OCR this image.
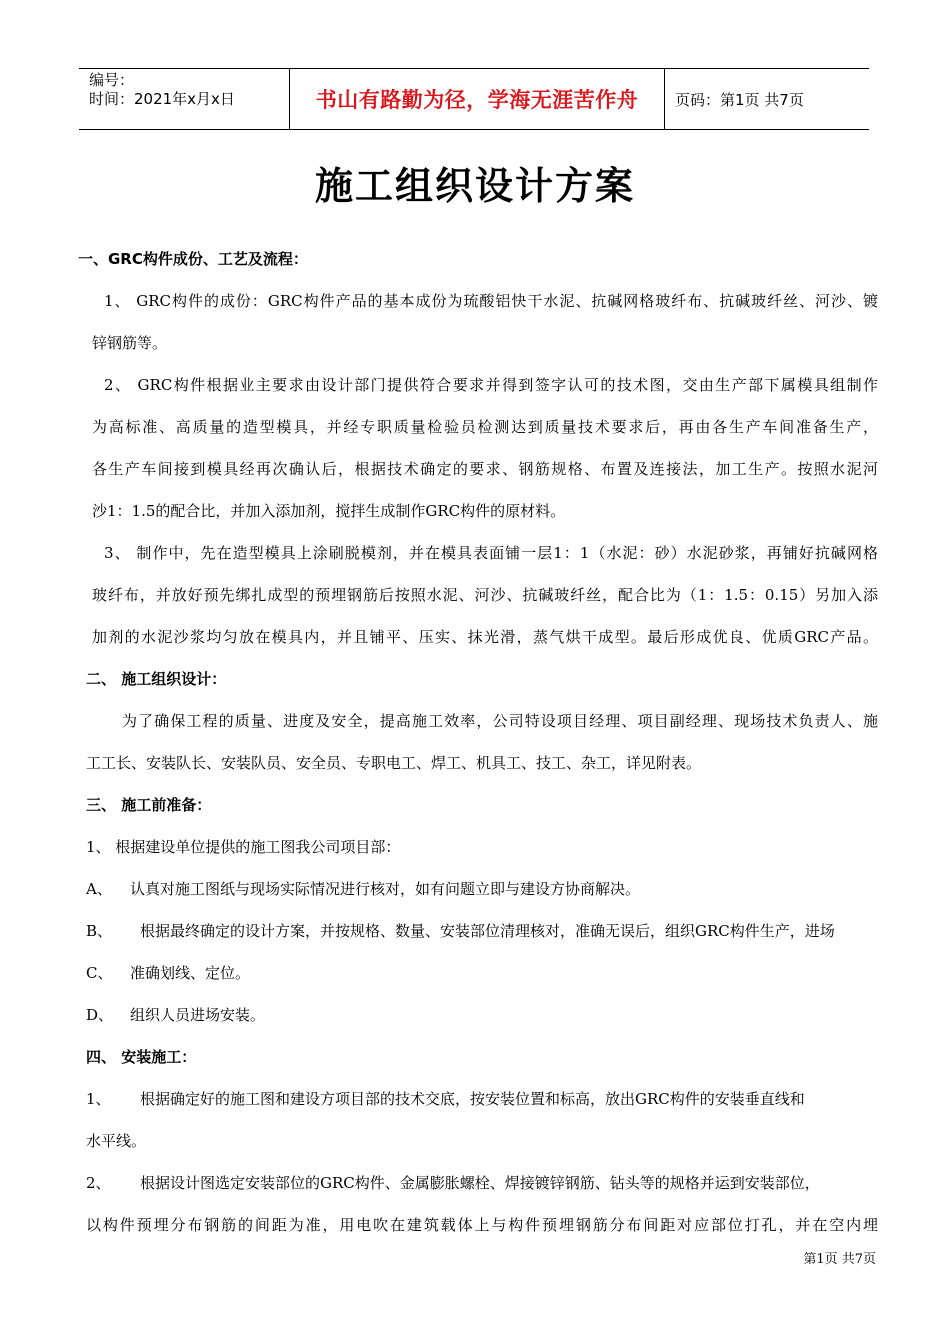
编号：
时间：2021年x月x日	书山有路勤为径，学海无涯苦作舟 页码：第1页 共7页
施工组织设计方案
一、GRC构件成份、工艺及流程：
1、 GRC构件的成份：GRC构件产品的基本成份为琉酸铝快干水泥、抗碱网格玻纤布、抗碱玻纤丝、河沙、镀
锌钢筋等。
2、 GRC构件根据业主要求由设计部门提供符合要求并得到签字认可的技术图，交由生产部下属模具组制作
为高标准、高质量的造型模具，并经专职质量检验员检测达到质量技术要求后，再由各生产车间准备生产，
各生产车间接到模具经再次确认后，根据技术确定的要求、钢筋规格、布置及连接法，加工生产。按照水泥河
沙1：1.5的配合比，并加入添加剂，搅拌生成制作GRC构件的原材料。
3、 制作中，先在造型模具上涂刷脱模剂，并在模具表面铺一层1：1（水泥：砂）水泥砂浆，再铺好抗碱网格
玻纤布，并放好预先绑扎成型的预埋钢筋后按照水泥、河沙、抗碱玻纤丝，配合比为（1：1.5：0.15）另加入添
加剂的水泥沙浆均匀放在模具内，并且铺平、压实、抹光滑，蒸气烘干成型。最后形成优良、优质GRC产品。
二、 施工组织设计：
为了确保工程的质量、进度及安全，提高施工效率，公司特设项目经理、项目副经理、现场技术负责人、施
工工长、安装队长、安装队员、安全员、专职电工、焊工、机具工、技工、杂工，详见附表。
三、 施工前准备：
1、 根据建设单位提供的施工图我公司项目部：
A、	认真对施工图纸与现场实际情况进行核对，如有问题立即与建设方协商解决。
B、	根据最终确定的设计方案，并按规格、数量、安装部位清理核对，准确无误后，组织GRC构件生产，进场
C、	准确划线、定位。
D、	组织人员进场安装。
四、 安装施工：
1、	根据确定好的施工图和建设方项目部的技术交底，按安装位置和标高，放出GRC构件的安装垂直线和
水平线。
2、	根据设计图选定安装部位的GRC构件、金属膨胀螺栓、焊接镀锌钢筋、钻头等的规格并运到安装部位，
以构件预埋分布钢筋的间距为准，用电吹在建筑载体上与构件预埋钢筋分布间距对应部位打孔，并在空内埋
第1页 共7页
